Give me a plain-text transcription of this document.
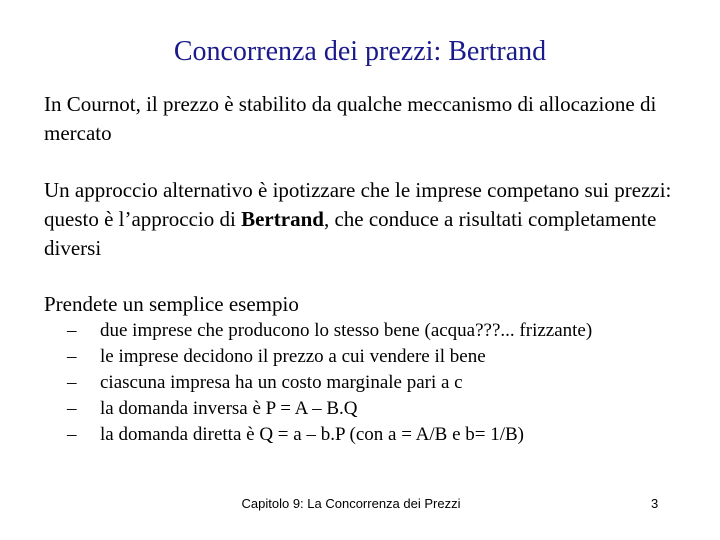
Concorrenza dei prezzi: Bertrand
In Cournot, il prezzo è stabilito da qualche meccanismo di allocazione di mercato
Un approccio alternativo è ipotizzare che le imprese competano sui prezzi: questo è l’approccio di Bertrand, che conduce a risultati completamente diversi
Prendete un semplice esempio
– due imprese che producono lo stesso bene (acqua???... frizzante)
– le imprese decidono il prezzo a cui vendere il bene
– ciascuna impresa ha un costo marginale pari a c
– la domanda inversa è P = A – B.Q
– la domanda diretta è Q = a – b.P (con a = A/B e b= 1/B)
Capitolo 9: La Concorrenza dei Prezzi	3
